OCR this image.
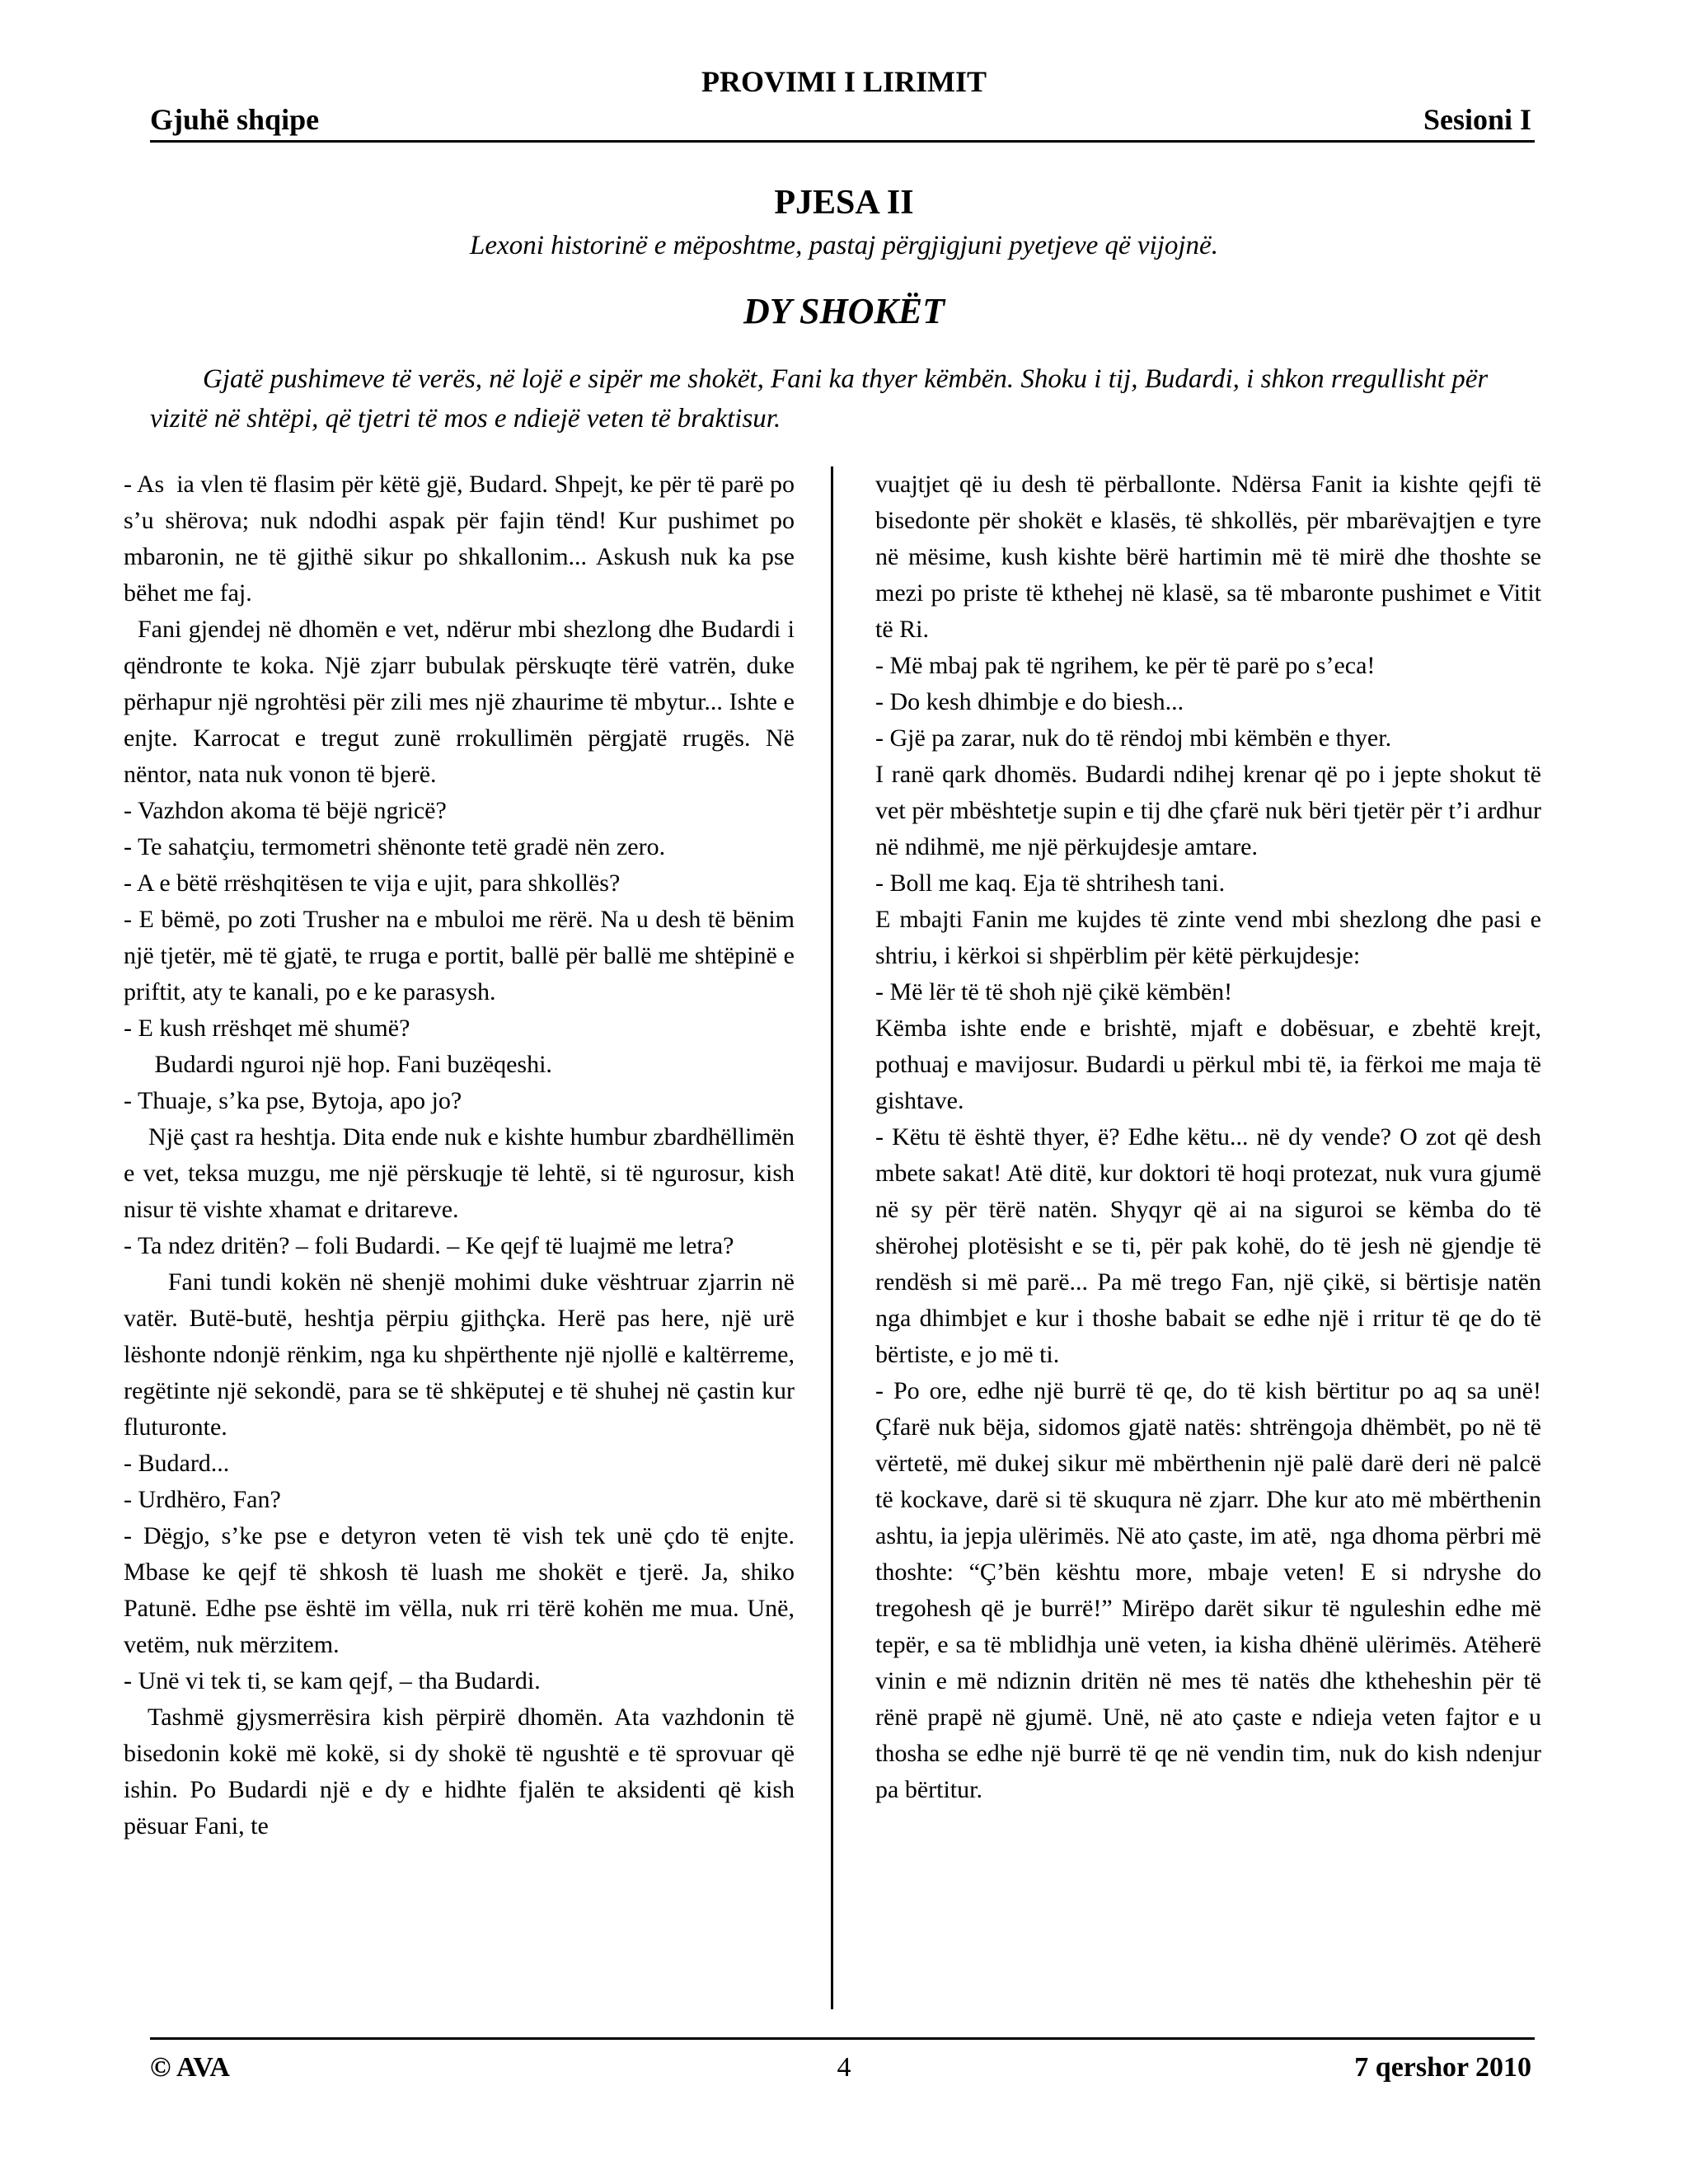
PROVIMI I LIRIMIT
Gjuhë shqipe	Sesioni I
PJESA II
Lexoni historinë e mëposhtme, pastaj përgjigjuni pyetjeve që vijojnë.
DY SHOKËT

Gjatë pushimeve të verës, në lojë e sipër me shokët, Fani ka thyer këmbën. Shoku i tij, Budardi, i shkon rregullisht për vizitë në shtëpi, që tjetri të mos e ndiejë veten të braktisur.

- As  ia vlen të flasim për këtë gjë, Budard. Shpejt, ke për të parë po s’u shërova; nuk ndodhi aspak për fajin tënd! Kur pushimet po mbaronin, ne të gjithë sikur po shkallonim... Askush nuk ka pse bëhet me faj.

Fani gjendej në dhomën e vet, ndërur mbi shezlong dhe Budardi i qëndronte te koka. Një zjarr bubulak përskuqte tërë vatrën, duke përhapur një ngrohtësi për zili mes një zhaurime të mbytur... Ishte e enjte. Karrocat e tregut zunë rrokullimën përgjatë rrugës. Në nëntor, nata nuk vonon të bjerë.

- Vazhdon akoma të bëjë ngricë?

- Te sahatçiu, termometri shënonte tetë gradë nën zero.

- A e bëtë rrëshqitësen te vija e ujit, para shkollës?

- E bëmë, po zoti Trusher na e mbuloi me rërë. Na u desh të bënim një tjetër, më të gjatë, te rruga e portit, ballë për ballë me shtëpinë e priftit, aty te kanali, po e ke parasysh.

- E kush rrëshqet më shumë?

Budardi nguroi një hop. Fani buzëqeshi.

- Thuaje, s’ka pse, Bytoja, apo jo?

Një çast ra heshtja. Dita ende nuk e kishte humbur zbardhëllimën e vet, teksa muzgu, me një përskuqje të lehtë, si të ngurosur, kish nisur të vishte xhamat e dritareve.

- Ta ndez dritën? – foli Budardi. – Ke qejf të luajmë me letra?

Fani tundi kokën në shenjë mohimi duke vështruar zjarrin në vatër. Butë-butë, heshtja përpiu gjithçka. Herë pas here, një urë lëshonte ndonjë rënkim, nga ku shpërthente një njollë e kaltërreme, regëtinte një sekondë, para se të shkëputej e të shuhej në çastin kur fluturonte.

- Budard...

- Urdhëro, Fan?

- Dëgjo, s’ke pse e detyron veten të vish tek unë çdo të enjte. Mbase ke qejf të shkosh të luash me shokët e tjerë. Ja, shiko Patunë. Edhe pse është im vëlla, nuk rri tërë kohën me mua. Unë, vetëm, nuk mërzitem.

- Unë vi tek ti, se kam qejf, – tha Budardi.

Tashmë gjysmerrësira kish përpirë dhomën. Ata vazhdonin të bisedonin kokë më kokë, si dy shokë të ngushtë e të sprovuar që ishin. Po Budardi një e dy e hidhte fjalën te aksidenti që kish pësuar Fani, te

vuajtjet që iu desh të përballonte. Ndërsa Fanit ia kishte qejfi të bisedonte për shokët e klasës, të shkollës, për mbarëvajtjen e tyre në mësime, kush kishte bërë hartimin më të mirë dhe thoshte se mezi po priste të kthehej në klasë, sa të mbaronte pushimet e Vitit të Ri.

- Më mbaj pak të ngrihem, ke për të parë po s’eca!

- Do kesh dhimbje e do biesh...

- Gjë pa zarar, nuk do të rëndoj mbi këmbën e thyer.

I ranë qark dhomës. Budardi ndihej krenar që po i jepte shokut të vet për mbështetje supin e tij dhe çfarë nuk bëri tjetër për t’i ardhur në ndihmë, me një përkujdesje amtare.

- Boll me kaq. Eja të shtrihesh tani.

E mbajti Fanin me kujdes të zinte vend mbi shezlong dhe pasi e shtriu, i kërkoi si shpërblim për këtë përkujdesje:

- Më lër të të shoh një çikë këmbën!

Këmba ishte ende e brishtë, mjaft e dobësuar, e zbehtë krejt, pothuaj e mavijosur. Budardi u përkul mbi të, ia fërkoi me maja të gishtave.

- Këtu të është thyer, ë? Edhe këtu... në dy vende? O zot që desh mbete sakat! Atë ditë, kur doktori të hoqi protezat, nuk vura gjumë në sy për tërë natën. Shyqyr që ai na siguroi se këmba do të shërohej plotësisht e se ti, për pak kohë, do të jesh në gjendje të rendësh si më parë... Pa më trego Fan, një çikë, si bërtisje natën nga dhimbjet e kur i thoshe babait se edhe një i rritur të qe do të bërtiste, e jo më ti.

- Po ore, edhe një burrë të qe, do të kish bërtitur po aq sa unë! Çfarë nuk bëja, sidomos gjatë natës: shtrëngoja dhëmbët, po në të vërtetë, më dukej sikur më mbërthenin një palë darë deri në palcë të kockave, darë si të skuqura në zjarr. Dhe kur ato më mbërthenin ashtu, ia jepja ulërimës. Në ato çaste, im atë,  nga dhoma përbri më thoshte: “Ç’bën kështu more, mbaje veten! E si ndryshe do tregohesh që je burrë!” Mirëpo darët sikur të nguleshin edhe më tepër, e sa të mblidhja unë veten, ia kisha dhënë ulërimës. Atëherë vinin e më ndiznin dritën në mes të natës dhe ktheheshin për të rënë prapë në gjumë. Unë, në ato çaste e ndieja veten fajtor e u thosha se edhe një burrë të qe në vendin tim, nuk do kish ndenjur pa bërtitur.

© AVA	4	7 qershor 2010
